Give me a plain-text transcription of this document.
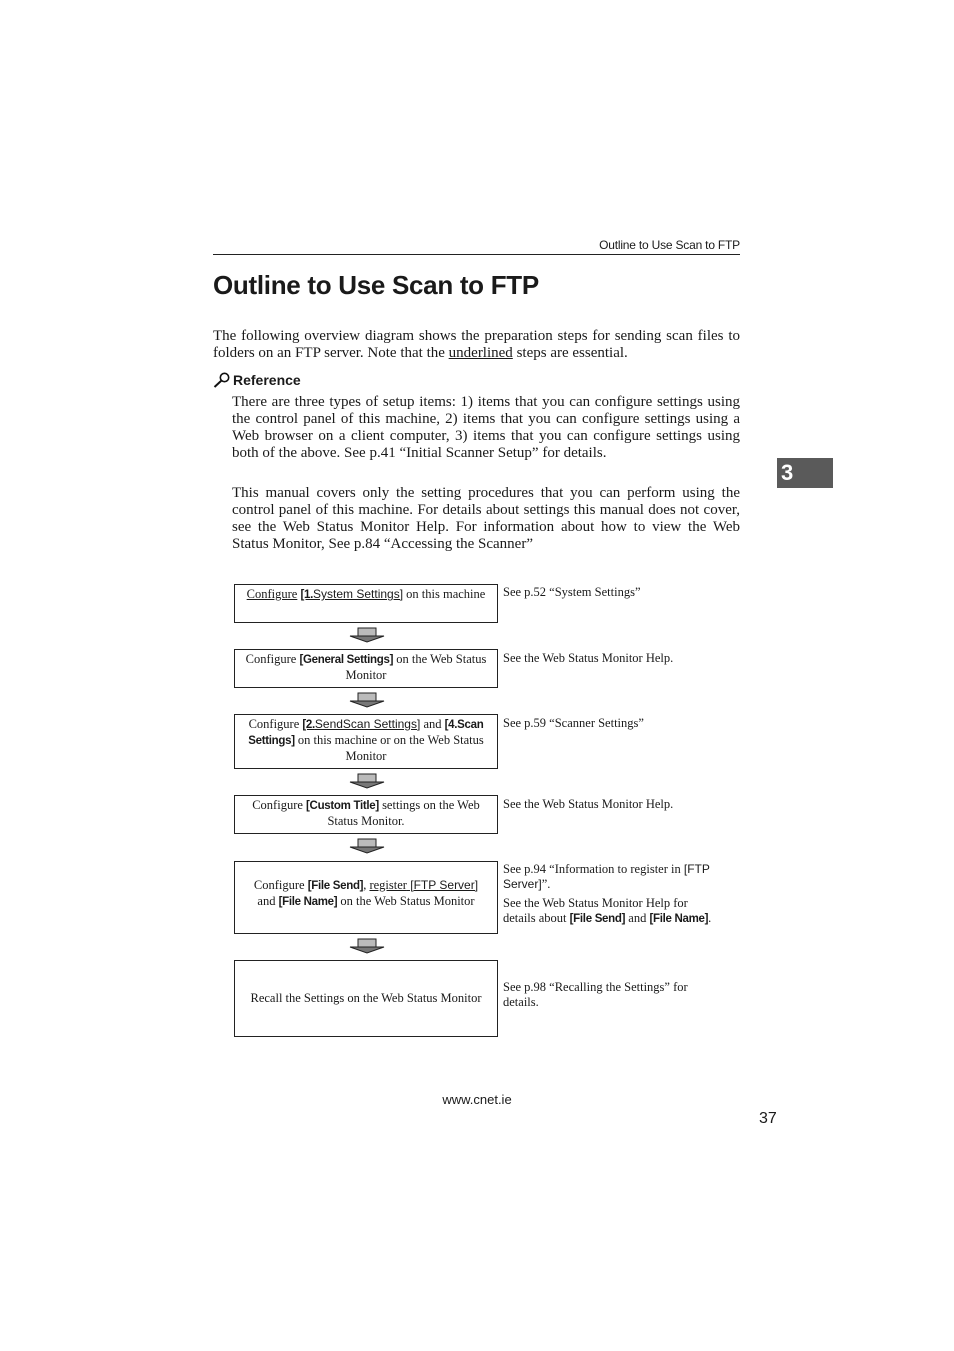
Outline to Use Scan to FTP
Outline to Use Scan to FTP

The following overview diagram shows the preparation steps for sending scan files to folders on an FTP server. Note that the underlined steps are essential.

Reference

There are three types of setup items: 1) items that you can configure settings using the control panel of this machine, 2) items that you can configure settings using a Web browser on a client computer, 3) items that you can configure settings using both of the above. See p.41 “Initial Scanner Setup” for details.

This manual covers only the setting procedures that you can perform using the control panel of this machine. For details about settings this manual does not cover, see the Web Status Monitor Help. For information about how to view the Web Status Monitor, See p.84 “Accessing the Scanner”

3
Configure [1.System Settings] on this machine See p.52 “System Settings”
Configure [General Settings] on the Web Status Monitor
See the Web Status Monitor Help.
Configure [2.SendScan Settings] and [4.Scan Settings] on this machine or on the Web Status Monitor
See p.59 “Scanner Settings”
Configure [Custom Title] settings on the Web Status Monitor.
See the Web Status Monitor Help.
Configure [File Send], register [FTP Server]
and [File Name] on the Web Status Monitor

See p.94 “Information to register in [FTP Server]”.

See the Web Status Monitor Help for details about [File Send] and [File Name].

Recall the Settings on the Web Status Monitor
See p.98 “Recalling the Settings” for details.
www.cnet.ie
37
